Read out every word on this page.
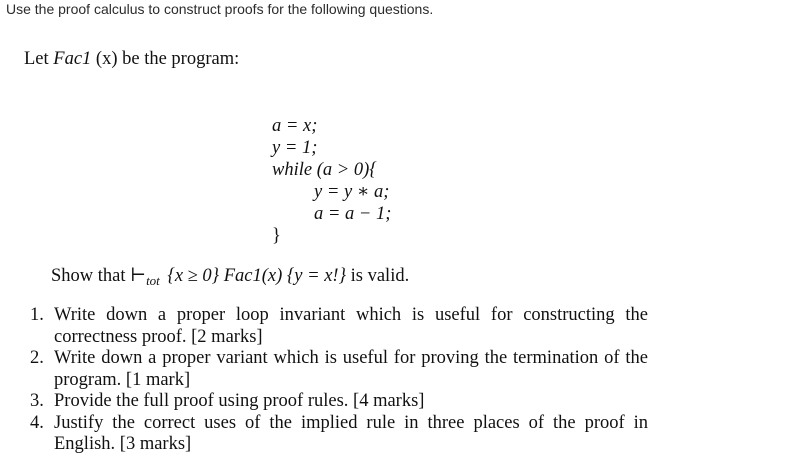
Use the proof calculus to construct proofs for the following questions.
Let Fac1 (x) be the program:
a = x;
y = 1;
while (a > 0){
y = y ∗ a;
a = a − 1;
}
Show that $⊢_{tot}$ {x ≥ 0} Fac1(x) {y = x!} is valid.
1. Write down a proper loop invariant which is useful for constructing the correctness proof. [2 marks]
2. Write down a proper variant which is useful for proving the termination of the program. [1 mark]
3. Provide the full proof using proof rules. [4 marks]
4. Justify the correct uses of the implied rule in three places of the proof in English. [3 marks]
